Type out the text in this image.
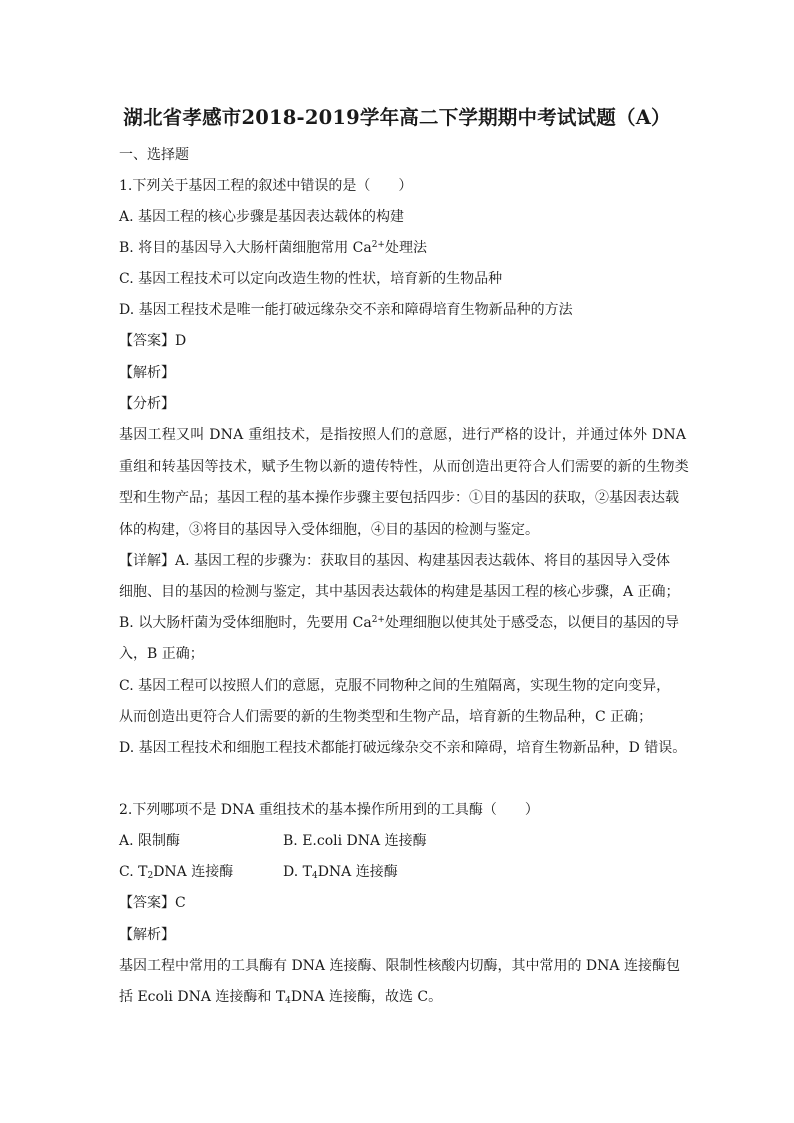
湖北省孝感市2018-2019学年高二下学期期中考试试题（A）
一、选择题
1.下列关于基因工程的叙述中错误的是（　　）
A. 基因工程的核心步骤是基因表达载体的构建
B. 将目的基因导入大肠杆菌细胞常用 $Ca^{2+}$处理法
C. 基因工程技术可以定向改造生物的性状，培育新的生物品种
D. 基因工程技术是唯一能打破远缘杂交不亲和障碍培育生物新品种的方法
【答案】D
【解析】
【分析】
基因工程又叫 DNA 重组技术，是指按照人们的意愿，进行严格的设计，并通过体外 DNA
重组和转基因等技术，赋予生物以新的遗传特性，从而创造出更符合人们需要的新的生物类
型和生物产品；基因工程的基本操作步骤主要包括四步：①目的基因的获取，②基因表达载
体的构建，③将目的基因导入受体细胞，④目的基因的检测与鉴定。
【详解】A. 基因工程的步骤为：获取目的基因、构建基因表达载体、将目的基因导入受体
细胞、目的基因的检测与鉴定，其中基因表达载体的构建是基因工程的核心步骤，A 正确；
B. 以大肠杆菌为受体细胞时，先要用 $Ca^{2+}$处理细胞以使其处于感受态，以便目的基因的导
入，B 正确；
C. 基因工程可以按照人们的意愿，克服不同物种之间的生殖隔离，实现生物的定向变异，
从而创造出更符合人们需要的新的生物类型和生物产品，培育新的生物品种，C 正确；
D. 基因工程技术和细胞工程技术都能打破远缘杂交不亲和障碍，培育生物新品种，D 错误。
2.下列哪项不是 DNA 重组技术的基本操作所用到的工具酶（　　）
A. 限制酶	B. E.coli DNA 连接酶
C. $T_2DNA$ 连接酶	D. $T_4DNA$ 连接酶
【答案】C
【解析】
基因工程中常用的工具酶有 DNA 连接酶、限制性核酸内切酶，其中常用的 DNA 连接酶包
括 Ecoli DNA 连接酶和 $T_4DNA$ 连接酶，故选 C。
